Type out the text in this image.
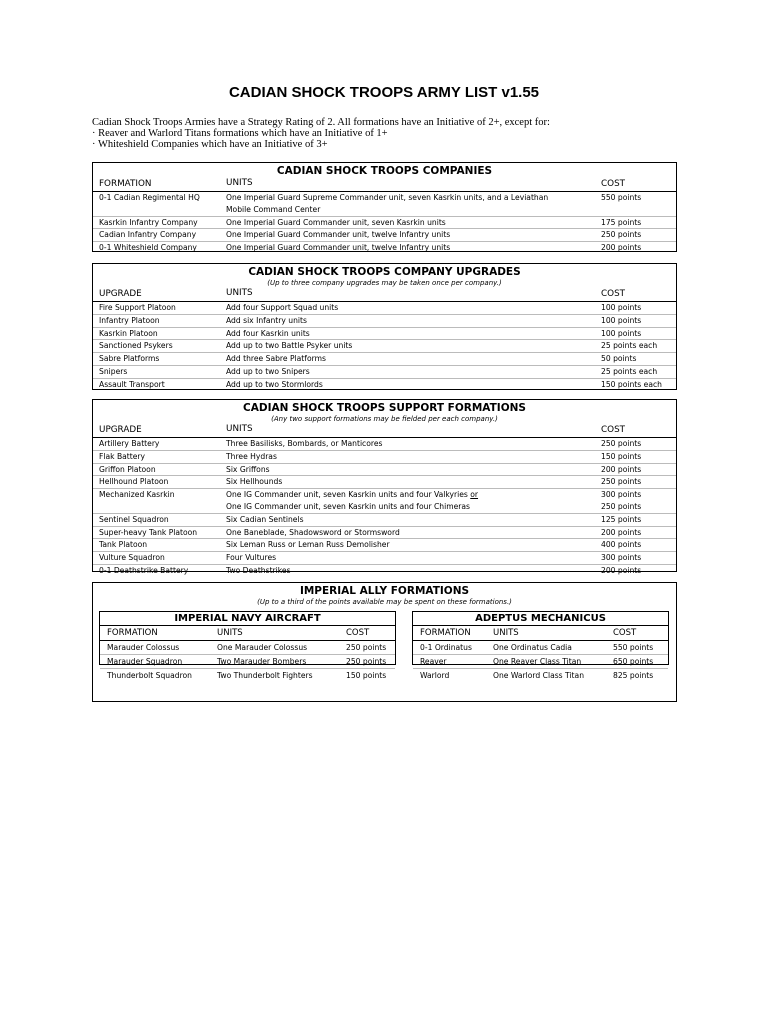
CADIAN SHOCK TROOPS ARMY LIST v1.55
Cadian Shock Troops Armies have a Strategy Rating of 2. All formations have an Initiative of 2+, except for:
· Reaver and Warlord Titans formations which have an Initiative of 1+
· Whiteshield Companies which have an Initiative of 3+
CADIAN SHOCK TROOPS COMPANIES
FORMATION	UNITS	COST
0-1 Cadian Regimental HQ	One Imperial Guard Supreme Commander unit, seven Kasrkin units, and a Leviathan Mobile Command Center
550 points
Kasrkin Infantry Company	One Imperial Guard Commander unit, seven Kasrkin units	175 points
Cadian Infantry Company	One Imperial Guard Commander unit, twelve Infantry units	250 points
0-1 Whiteshield Company	One Imperial Guard Commander unit, twelve Infantry units	200 points
CADIAN SHOCK TROOPS COMPANY UPGRADES
(Up to three company upgrades may be taken once per company.)
UPGRADE	UNITS	COST
Fire Support Platoon	Add four Support Squad units	100 points
Infantry Platoon	Add six Infantry units	100 points
Kasrkin Platoon	Add four Kasrkin units	100 points
Sanctioned Psykers	Add up to two Battle Psyker units	25 points each
Sabre Platforms	Add three Sabre Platforms	50 points
Snipers	Add up to two Snipers	25 points each
Assault Transport	Add up to two Stormlords	150 points each
CADIAN SHOCK TROOPS SUPPORT FORMATIONS
(Any two support formations may be fielded per each company.)
UPGRADE	UNITS	COST
Artillery Battery	Three Basilisks, Bombards, or Manticores	250 points
Flak Battery	Three Hydras	150 points
Griffon Platoon	Six Griffons	200 points
Hellhound Platoon	Six Hellhounds	250 points
Mechanized Kasrkin	One IG Commander unit, seven Kasrkin units and four Valkyries or	300 points
One IG Commander unit, seven Kasrkin units and four Chimeras	250 points
Sentinel Squadron	Six Cadian Sentinels	125 points
Super-heavy Tank Platoon	One Baneblade, Shadowsword or Stormsword	200 points
Tank Platoon	Six Leman Russ or Leman Russ Demolisher	400 points
Vulture Squadron	Four Vultures	300 points
0-1 Deathstrike Battery	Two Deathstrikes	200 points
IMPERIAL ALLY FORMATIONS
(Up to a third of the points available may be spent on these formations.)
IMPERIAL NAVY AIRCRAFT
FORMATION	UNITS	COST
Marauder Colossus	One Marauder Colossus	250 points
Marauder Squadron	Two Marauder Bombers	250 points
Thunderbolt Squadron	Two Thunderbolt Fighters	150 points
ADEPTUS MECHANICUS
FORMATION	UNITS	COST
0-1 Ordinatus	One Ordinatus Cadia	550 points
Reaver	One Reaver Class Titan	650 points
Warlord	One Warlord Class Titan	825 points
